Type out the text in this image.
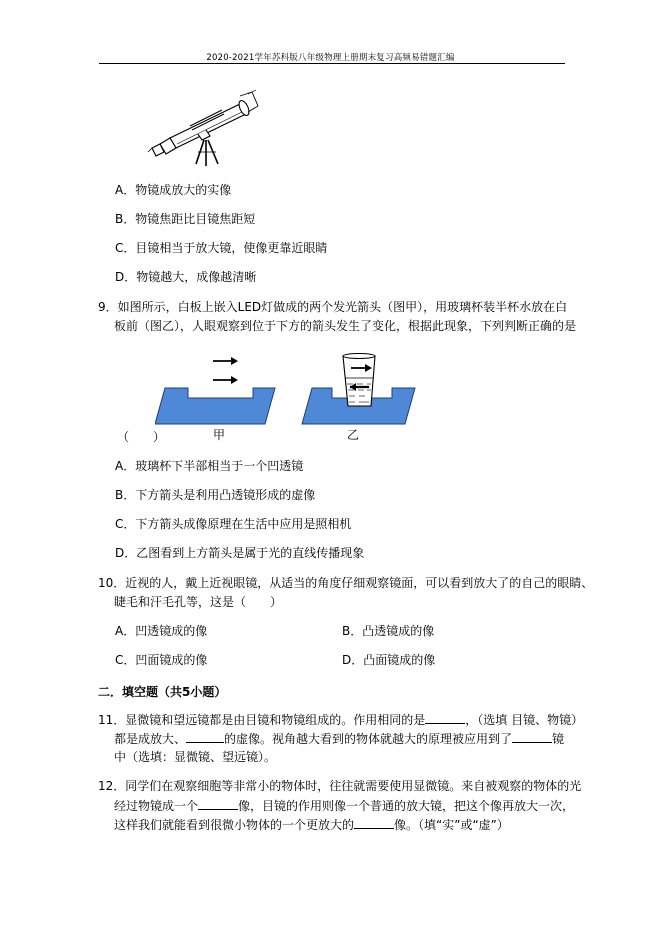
2020-2021学年苏科版八年级物理上册期末复习高频易错题汇编
A．物镜成放大的实像
B．物镜焦距比目镜焦距短
C．目镜相当于放大镜，使像更靠近眼睛
D．物镜越大，成像越清晰
9．如图所示，白板上嵌入LED灯做成的两个发光箭头（图甲），用玻璃杯装半杯水放在白
板前（图乙），人眼观察到位于下方的箭头发生了变化，根据此现象，下列判断正确的是
（　　）	甲	乙
A．玻璃杯下半部相当于一个凹透镜
B．下方箭头是利用凸透镜形成的虚像
C．下方箭头成像原理在生活中应用是照相机
D．乙图看到上方箭头是属于光的直线传播现象
10．近视的人，戴上近视眼镜，从适当的角度仔细观察镜面，可以看到放大了的自己的眼睛、
睫毛和汗毛孔等，这是（　　）
A．凹透镜成的像	B．凸透镜成的像
C．凹面镜成的像	D．凸面镜成的像
二．填空题（共5小题）
11．显微镜和望远镜都是由目镜和物镜组成的。作用相同的是	，（选填 目镜、物镜）
都是成放大、	的虚像。视角越大看到的物体就越大的原理被应用到了	镜
中（选填：显微镜、望远镜）。
12．同学们在观察细胞等非常小的物体时，往往就需要使用显微镜。来自被观察的物体的光
经过物镜成一个	像，目镜的作用则像一个普通的放大镜，把这个像再放大一次，
这样我们就能看到很微小物体的一个更放大的	像。（填“实”或“虚”）
